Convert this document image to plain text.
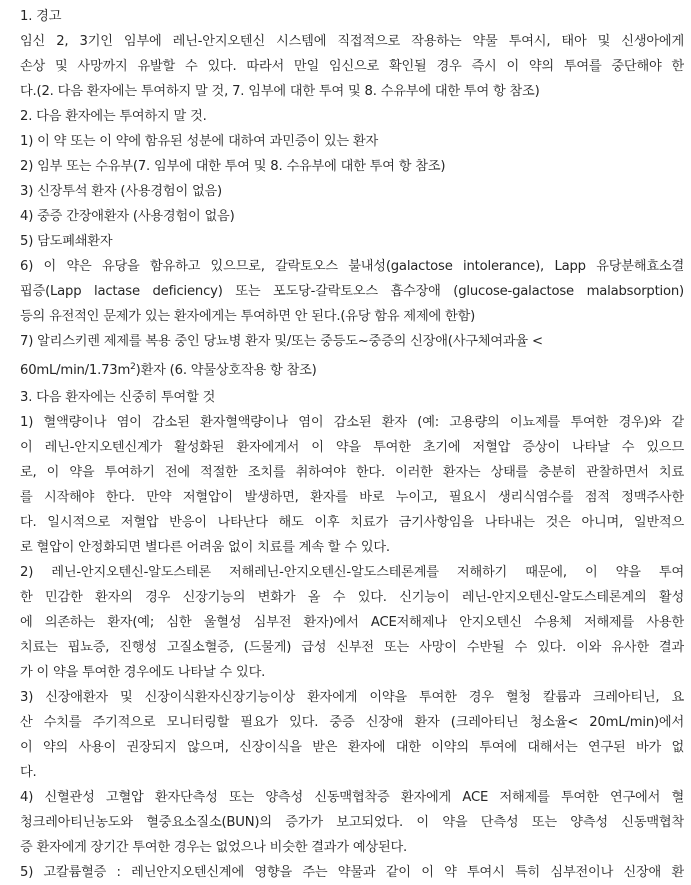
1. 경고
임신 2, 3기인 임부에 레닌-안지오텐신 시스템에 직접적으로 작용하는 약물 투여시, 태아 및 신생아에게
손상 및 사망까지 유발할 수 있다. 따라서 만일 임신으로 확인될 경우 즉시 이 약의 투여를 중단해야 한
다.(2. 다음 환자에는 투여하지 말 것, 7. 임부에 대한 투여 및 8. 수유부에 대한 투여 항 참조)
2. 다음 환자에는 투여하지 말 것.
1) 이 약 또는 이 약에 함유된 성분에 대하여 과민증이 있는 환자
2) 임부 또는 수유부(7. 임부에 대한 투여 및 8. 수유부에 대한 투여 항 참조)
3) 신장투석 환자 (사용경험이 없음)
4) 중증 간장애환자 (사용경험이 없음)
5) 담도폐쇄환자
6) 이 약은 유당을 함유하고 있으므로, 갈락토오스 불내성(galactose intolerance), Lapp 유당분해효소결
핍증(Lapp lactase deficiency) 또는 포도당-갈락토오스 흡수장애 (glucose-galactose malabsorption)
등의 유전적인 문제가 있는 환자에게는 투여하면 안 된다.(유당 함유 제제에 한함)
7) 알리스키렌 제제를 복용 중인 당뇨병 환자 및/또는 중등도~중증의 신장애(사구체여과율 <
$60mL/\min/1.73m^2$)환자 (6. 약물상호작용 항 참조)
3. 다음 환자에는 신중히 투여할 것
1) 혈액량이나 염이 감소된 환자혈액량이나 염이 감소된 환자 (예: 고용량의 이뇨제를 투여한 경우)와 같
이 레닌-안지오텐신계가 활성화된 환자에게서 이 약을 투여한 초기에 저혈압 증상이 나타날 수 있으므
로, 이 약을 투여하기 전에 적절한 조치를 취하여야 한다. 이러한 환자는 상태를 충분히 관찰하면서 치료
를 시작해야 한다. 만약 저혈압이 발생하면, 환자를 바로 누이고, 필요시 생리식염수를 점적 정맥주사한
다. 일시적으로 저혈압 반응이 나타난다 해도 이후 치료가 금기사항임을 나타내는 것은 아니며, 일반적으
로 혈압이 안정화되면 별다른 어려움 없이 치료를 계속 할 수 있다.
2) 레닌-안지오텐신-알도스테론 저해레닌-안지오텐신-알도스테론계를 저해하기 때문에, 이 약을 투여
한 민감한 환자의 경우 신장기능의 변화가 올 수 있다. 신기능이 레닌-안지오텐신-알도스테론계의 활성
에 의존하는 환자(예; 심한 울혈성 심부전 환자)에서 ACE저해제나 안지오텐신 수용체 저해제를 사용한
치료는 핍뇨증, 진행성 고질소혈증, (드물게) 급성 신부전 또는 사망이 수반될 수 있다. 이와 유사한 결과
가 이 약을 투여한 경우에도 나타날 수 있다.
3) 신장애환자 및 신장이식환자신장기능이상 환자에게 이약을 투여한 경우 혈청 칼륨과 크레아티닌, 요
산 수치를 주기적으로 모니터링할 필요가 있다. 중증 신장애 환자 (크레아티닌 청소율< 20mL/min)에서
이 약의 사용이 권장되지 않으며, 신장이식을 받은 환자에 대한 이약의 투여에 대해서는 연구된 바가 없
다.
4) 신혈관성 고혈압 환자단측성 또는 양측성 신동맥협착증 환자에게 ACE 저해제를 투여한 연구에서 혈
청크레아티닌농도와 혈중요소질소(BUN)의 증가가 보고되었다. 이 약을 단측성 또는 양측성 신동맥협착
증 환자에게 장기간 투여한 경우는 없었으나 비슷한 결과가 예상된다.
5) 고칼륨혈증 : 레닌안지오텐신계에 영향을 주는 약물과 같이 이 약 투여시 특히 심부전이나 신장애 환
